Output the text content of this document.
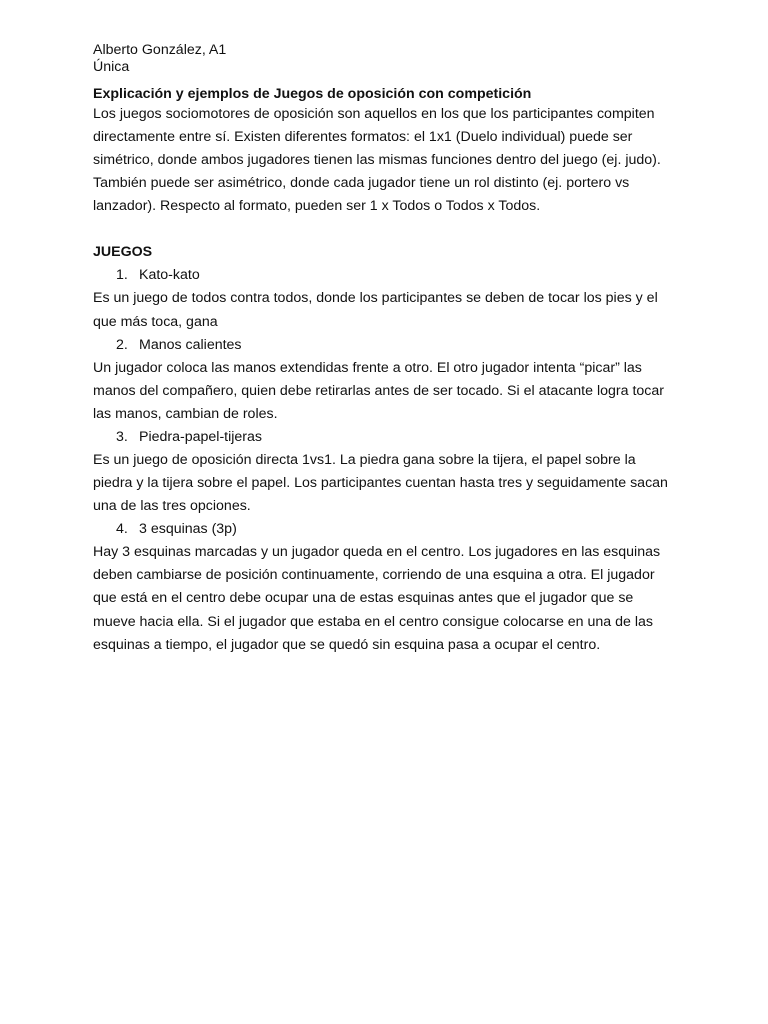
Alberto González, A1

Única

Explicación y ejemplos de Juegos de oposición con competición

Los juegos sociomotores de oposición son aquellos en los que los participantes compiten directamente entre sí. Existen diferentes formatos: el 1x1 (Duelo individual) puede ser simétrico, donde ambos jugadores tienen las mismas funciones dentro del juego (ej. judo). También puede ser asimétrico, donde cada jugador tiene un rol distinto (ej. portero vs lanzador). Respecto al formato, pueden ser 1 x Todos o Todos x Todos.

JUEGOS

1. Kato-kato

Es un juego de todos contra todos, donde los participantes se deben de tocar los pies y el que más toca, gana

2. Manos calientes

Un jugador coloca las manos extendidas frente a otro. El otro jugador intenta “picar” las manos del compañero, quien debe retirarlas antes de ser tocado. Si el atacante logra tocar las manos, cambian de roles.

3. Piedra-papel-tijeras

Es un juego de oposición directa 1vs1. La piedra gana sobre la tijera, el papel sobre la piedra y la tijera sobre el papel. Los participantes cuentan hasta tres y seguidamente sacan una de las tres opciones.

4. 3 esquinas (3p)

Hay 3 esquinas marcadas y un jugador queda en el centro. Los jugadores en las esquinas deben cambiarse de posición continuamente, corriendo de una esquina a otra. El jugador que está en el centro debe ocupar una de estas esquinas antes que el jugador que se mueve hacia ella. Si el jugador que estaba en el centro consigue colocarse en una de las esquinas a tiempo, el jugador que se quedó sin esquina pasa a ocupar el centro.
